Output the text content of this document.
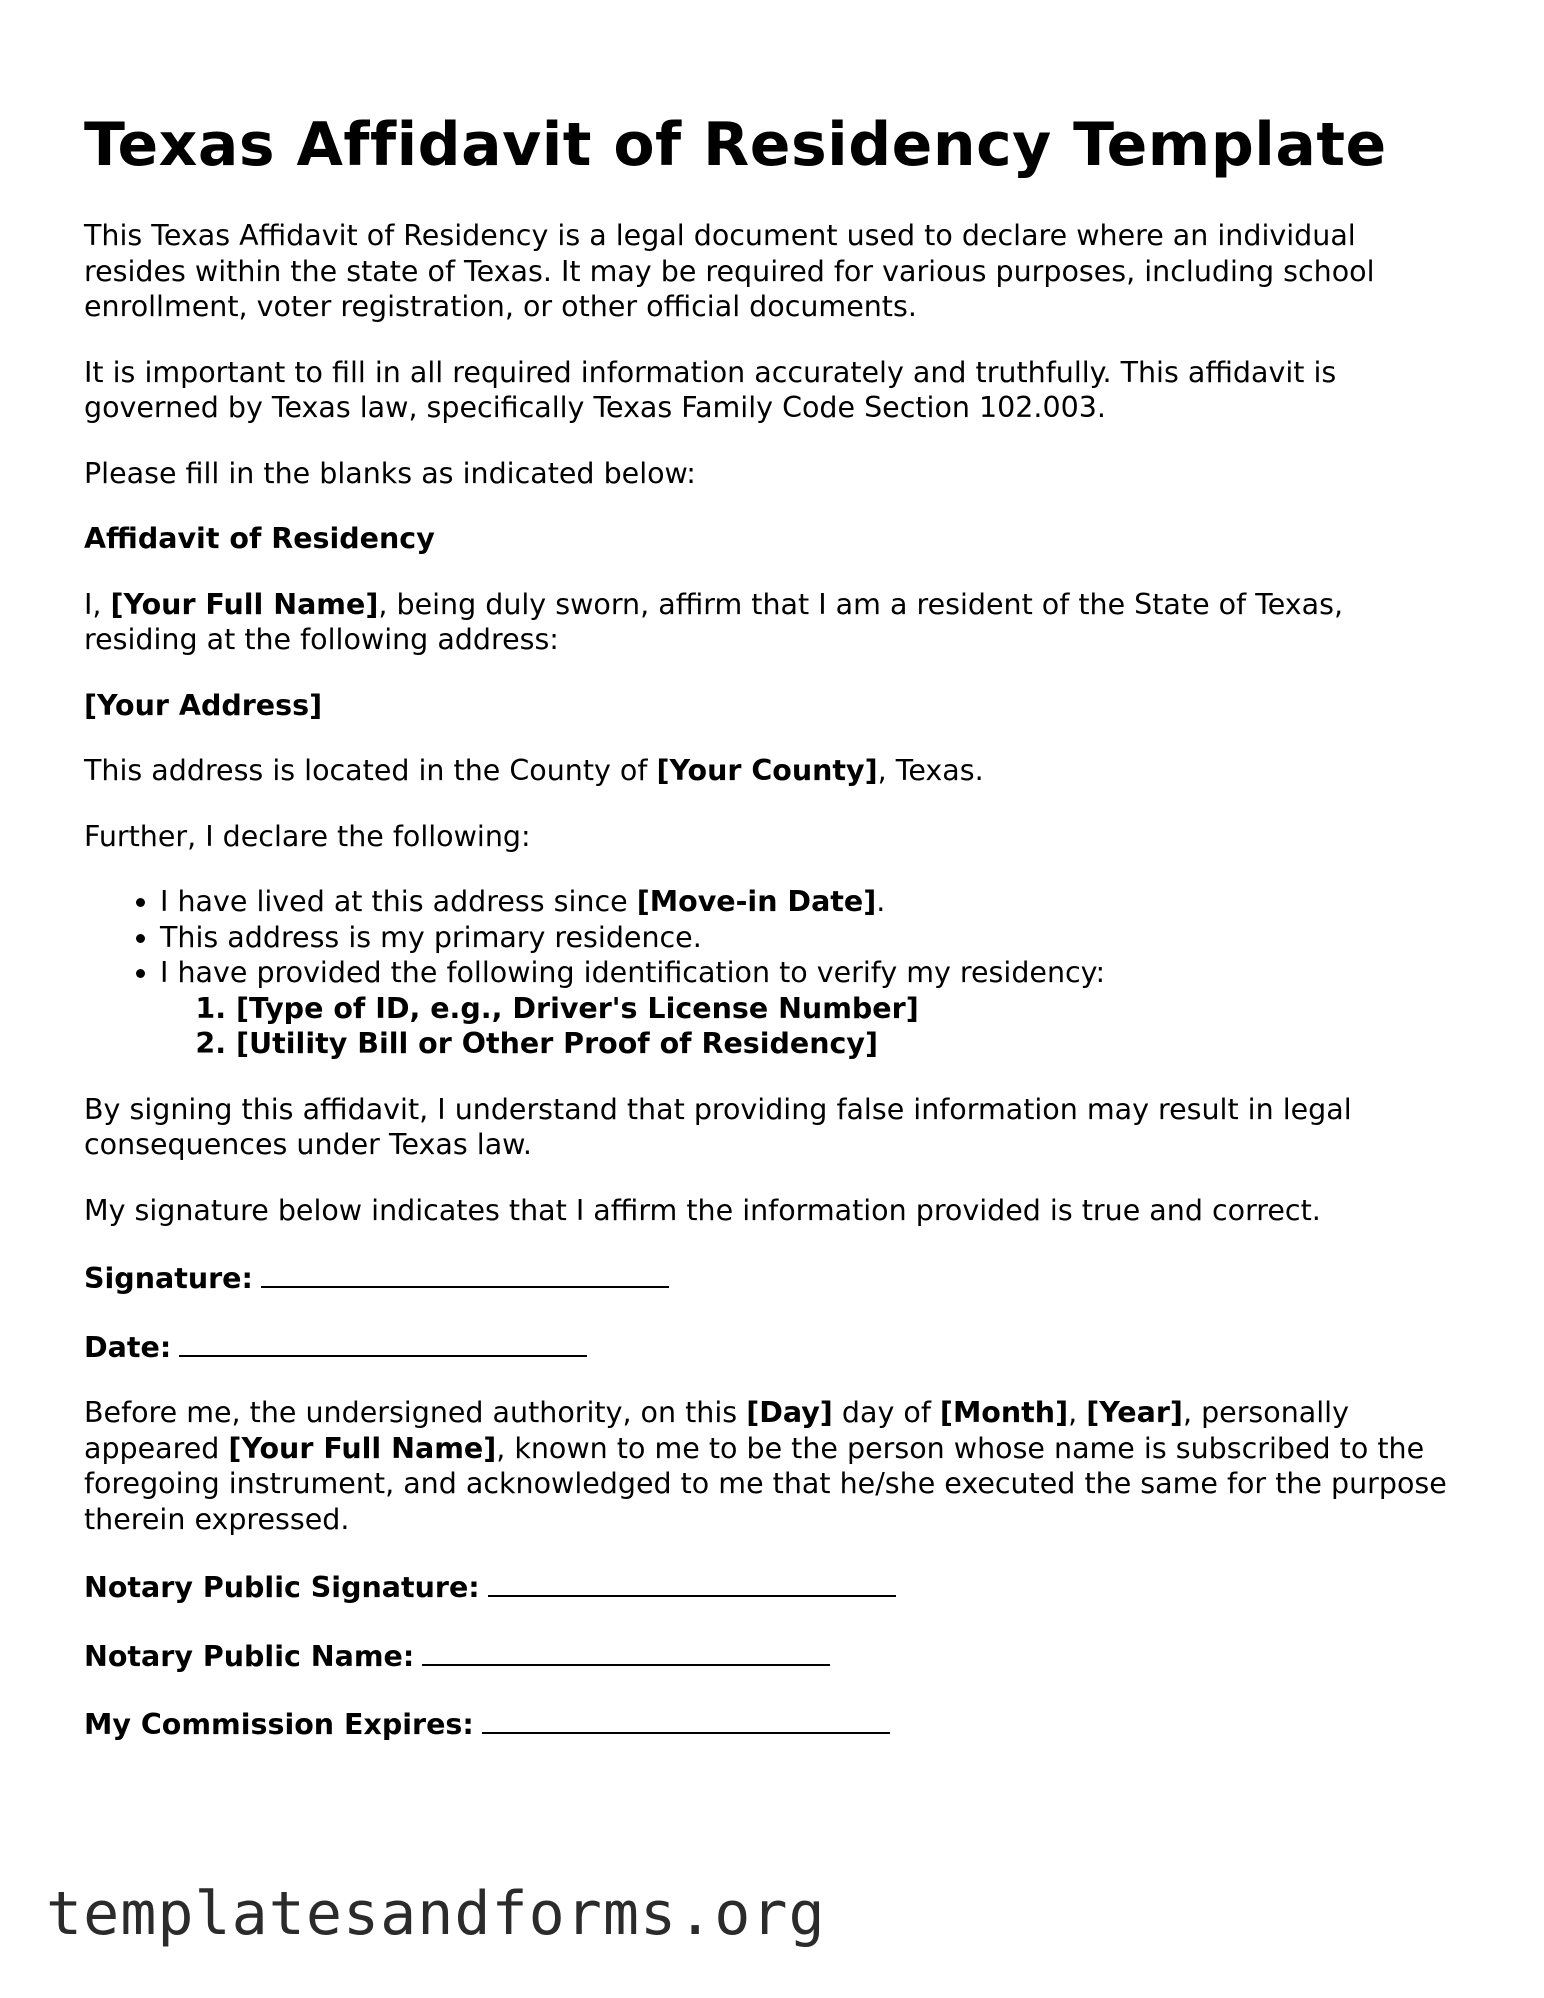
Texas Affidavit of Residency Template

This Texas Affidavit of Residency is a legal document used to declare where an individual resides within the state of Texas. It may be required for various purposes, including school enrollment, voter registration, or other official documents.

It is important to fill in all required information accurately and truthfully. This affidavit is governed by Texas law, specifically Texas Family Code Section 102.003.

Please fill in the blanks as indicated below:

Affidavit of Residency

I, [Your Full Name], being duly sworn, affirm that I am a resident of the State of Texas, residing at the following address:

[Your Address]

This address is located in the County of [Your County], Texas.

Further, I declare the following:

• I have lived at this address since [Move-in Date].
• This address is my primary residence.
• I have provided the following identification to verify my residency:
1. [Type of ID, e.g., Driver's License Number]
2. [Utility Bill or Other Proof of Residency]

By signing this affidavit, I understand that providing false information may result in legal consequences under Texas law.

My signature below indicates that I affirm the information provided is true and correct.

Signature:

Date:

Before me, the undersigned authority, on this [Day] day of [Month], [Year], personally appeared [Your Full Name], known to me to be the person whose name is subscribed to the foregoing instrument, and acknowledged to me that he/she executed the same for the purpose therein expressed.

Notary Public Signature:

Notary Public Name:

My Commission Expires:

templatesandforms.org
